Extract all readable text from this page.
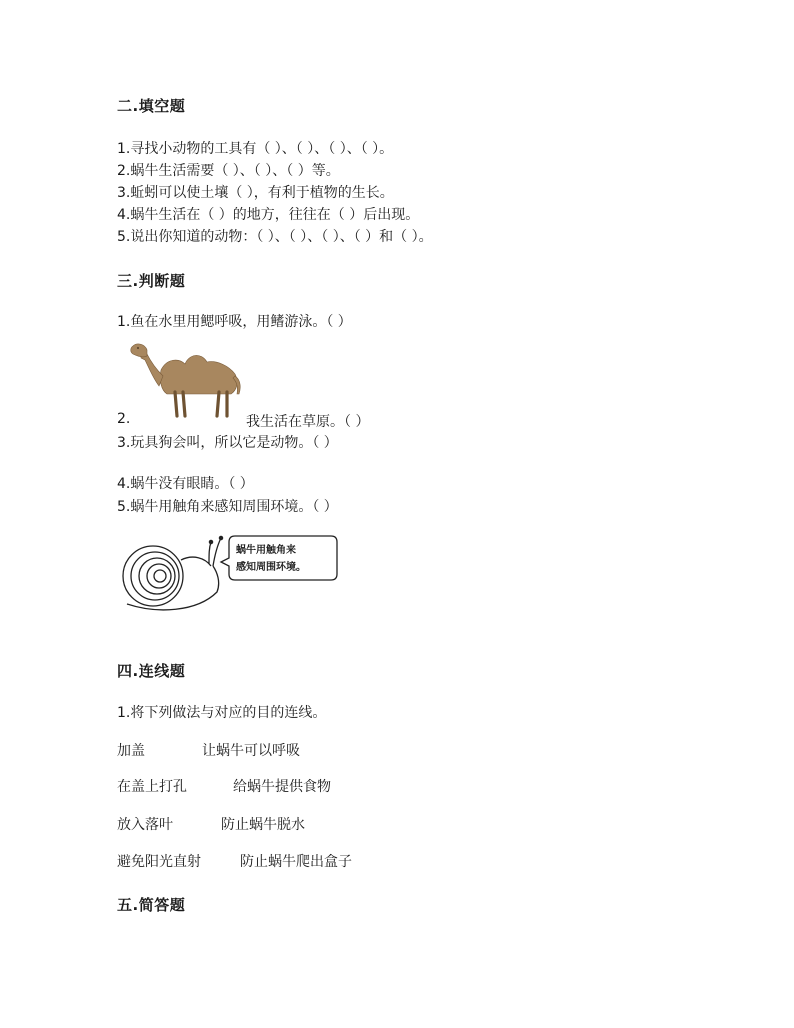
二.填空题
1.寻找小动物的工具有（ ）、（ ）、（ ）、（ ）。
2.蜗牛生活需要（ ）、（ ）、（ ）等。
3.蚯蚓可以使土壤（ ），有利于植物的生长。
4.蜗牛生活在（ ）的地方，往往在（ ）后出现。
5.说出你知道的动物：（ ）、（ ）、（ ）、（ ）和（ ）。
三.判断题
1.鱼在水里用鳃呼吸，用鳍游泳。（ ）
2.	我生活在草原。（ ）
3.玩具狗会叫，所以它是动物。（ ）
4.蜗牛没有眼睛。（ ）
5.蜗牛用触角来感知周围环境。（ ）
蜗牛用触角来
感知周围环境。
四.连线题
1.将下列做法与对应的目的连线。
加盖	让蜗牛可以呼吸
在盖上打孔	给蜗牛提供食物
放入落叶	防止蜗牛脱水
避免阳光直射	防止蜗牛爬出盒子
五.简答题
